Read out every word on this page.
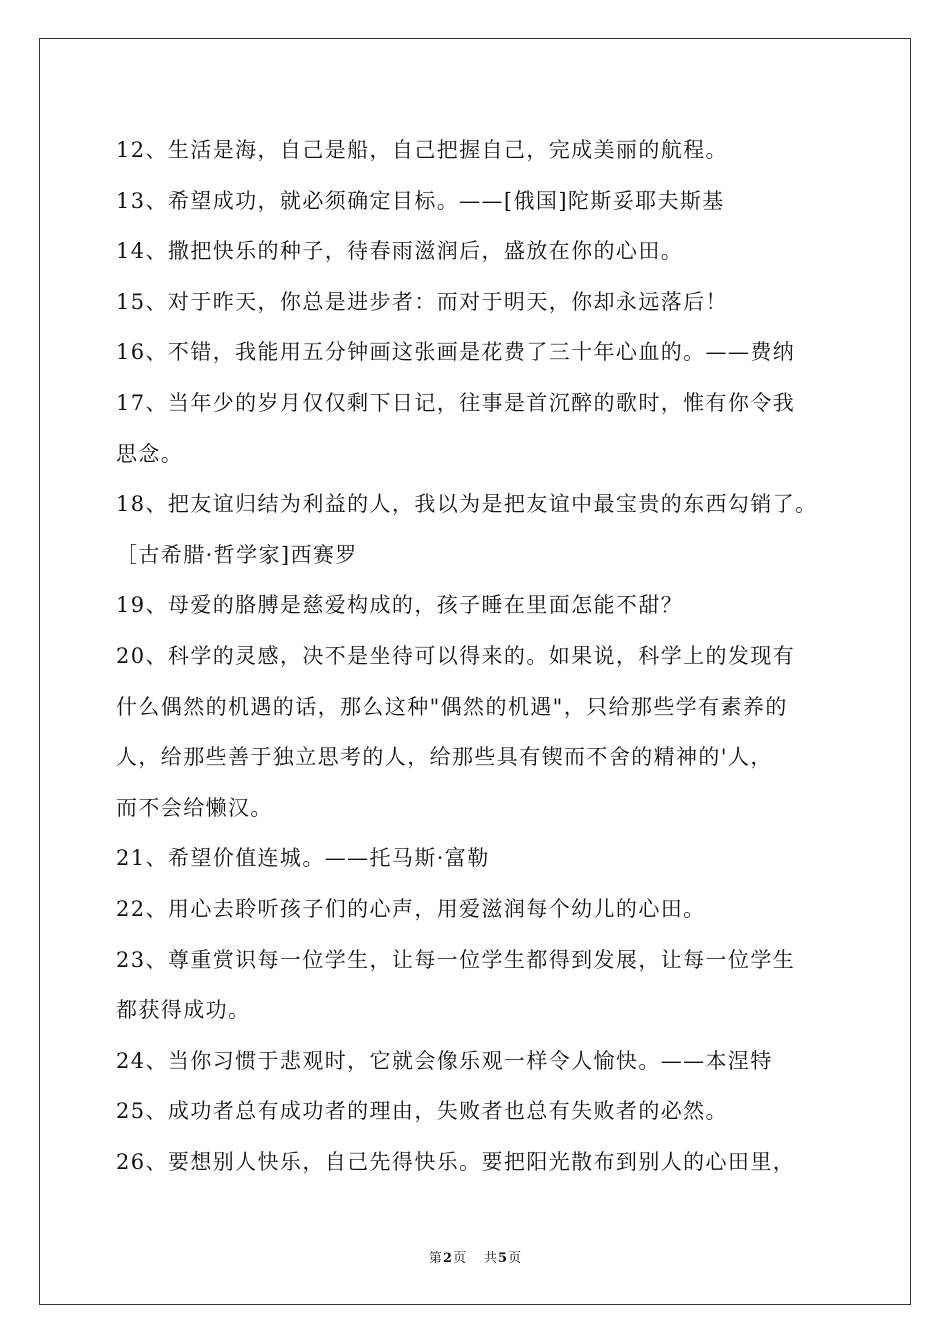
12、生活是海，自己是船，自己把握自己，完成美丽的航程。
13、希望成功，就必须确定目标。——[俄国]陀斯妥耶夫斯基
14、撒把快乐的种子，待春雨滋润后，盛放在你的心田。
15、对于昨天，你总是进步者：而对于明天，你却永远落后！
16、不错，我能用五分钟画这张画是花费了三十年心血的。——费纳
17、当年少的岁月仅仅剩下日记，往事是首沉醉的歌时，惟有你令我
思念。
18、把友谊归结为利益的人，我以为是把友谊中最宝贵的东西勾销了。
［古希腊·哲学家]西赛罗
19、母爱的胳膊是慈爱构成的，孩子睡在里面怎能不甜？
20、科学的灵感，决不是坐待可以得来的。如果说，科学上的发现有
什么偶然的机遇的话，那么这种"偶然的机遇"，只给那些学有素养的
人，给那些善于独立思考的人，给那些具有锲而不舍的精神的'人，
而不会给懒汉。
21、希望价值连城。——托马斯·富勒
22、用心去聆听孩子们的心声，用爱滋润每个幼儿的心田。
23、尊重赏识每一位学生，让每一位学生都得到发展，让每一位学生
都获得成功。
24、当你习惯于悲观时，它就会像乐观一样令人愉快。——本涅特
25、成功者总有成功者的理由，失败者也总有失败者的必然。
26、要想别人快乐，自己先得快乐。要把阳光散布到别人的心田里，
第2页 共5页
